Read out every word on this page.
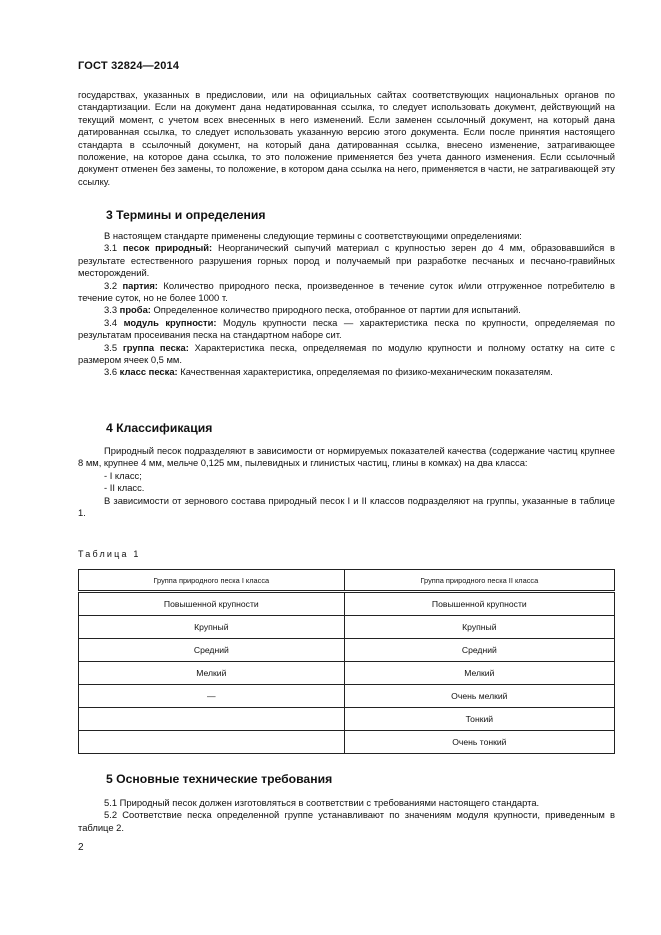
ГОСТ 32824—2014

государствах, указанных в предисловии, или на официальных сайтах соответствующих национальных органов по стандартизации. Если на документ дана недатированная ссылка, то следует использовать документ, действующий на текущий момент, с учетом всех внесенных в него изменений. Если заменен ссылочный документ, на который дана датированная ссылка, то следует использовать указанную версию этого документа. Если после принятия настоящего стандарта в ссылочный документ, на который дана датированная ссылка, внесено изменение, затрагивающее положение, на которое дана ссылка, то это положение применяется без учета данного изменения. Если ссылочный документ отменен без замены, то положение, в котором дана ссылка на него, применяется в части, не затрагивающей эту ссылку.

3 Термины и определения

В настоящем стандарте применены следующие термины с соответствующими определениями:

3.1 песок природный: Неорганический сыпучий материал с крупностью зерен до 4 мм, образовавшийся в результате естественного разрушения горных пород и получаемый при разработке песчаных и песчано-гравийных месторождений.

3.2 партия: Количество природного песка, произведенное в течение суток и/или отгруженное потребителю в течение суток, но не более 1000 т.

3.3 проба: Определенное количество природного песка, отобранное от партии для испытаний.

3.4 модуль крупности: Модуль крупности песка — характеристика песка по крупности, определяемая по результатам просеивания песка на стандартном наборе сит.

3.5 группа песка: Характеристика песка, определяемая по модулю крупности и полному остатку на сите с размером ячеек 0,5 мм.

3.6 класс песка: Качественная характеристика, определяемая по физико-механическим показателям.

4 Классификация

Природный песок подразделяют в зависимости от нормируемых показателей качества (содержание частиц крупнее 8 мм, крупнее 4 мм, мельче 0,125 мм, пылевидных и глинистых частиц, глины в комках) на два класса:

- I класс;

- II класс.

В зависимости от зернового состава природный песок I и II классов подразделяют на группы, указанные в таблице 1.

Таблица 1
Группа природного песка I класса	Группа природного песка II класса
Повышенной крупности	Повышенной крупности
Крупный	Крупный
Средний	Средний
Мелкий	Мелкий
—	Очень мелкий
	Тонкий
	Очень тонкий
5 Основные технические требования

5.1 Природный песок должен изготовляться в соответствии с требованиями настоящего стандарта.

5.2 Соответствие песка определенной группе устанавливают по значениям модуля крупности, приведенным в таблице 2.

2
